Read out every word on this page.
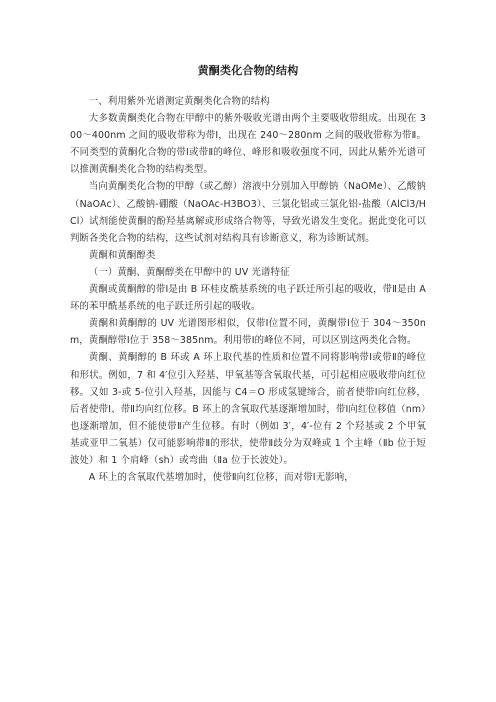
黄酮类化合物的结构

一、利用紫外光谱测定黄酮类化合物的结构

大多数黄酮类化合物在甲醇中的紫外吸收光谱由两个主要吸收带组成。出现在 300～400nm 之间的吸收带称为带Ⅰ，出现在 240～280nm 之间的吸收带称为带Ⅱ。不同类型的黄酮化合物的带Ⅰ或带Ⅱ的峰位、峰形和吸收强度不同，因此从紫外光谱可以推测黄酮类化合物的结构类型。

当向黄酮类化合物的甲醇（或乙醇）溶液中分别加入甲醇钠（NaOMe）、乙酸钠（NaOAc）、乙酸钠-硼酸（NaOAc-H3BO3）、三氯化铝或三氯化铝-盐酸（AlCl3/HCl）试剂能使黄酮的酚羟基离解或形成络合物等，导致光谱发生变化。据此变化可以判断各类化合物的结构，这些试剂对结构具有诊断意义，称为诊断试剂。

黄酮和黄酮醇类

（一）黄酮、黄酮醇类在甲醇中的 UV 光谱特征

黄酮或黄酮醇的带Ⅰ是由 B 环桂皮酰基系统的电子跃迁所引起的吸收，带Ⅱ是由 A 环的苯甲酰基系统的电子跃迁所引起的吸收。

黄酮和黄酮醇的 UV 光谱图形相似，仅带Ⅰ位置不同，黄酮带Ⅰ位于 304～350nm，黄酮醇带Ⅰ位于 358～385nm。利用带Ⅰ的峰位不同，可以区别这两类化合物。

黄酮、黄酮醇的 B 环或 A 环上取代基的性质和位置不同将影响带Ⅰ或带Ⅱ的峰位和形状。例如，7 和 4′位引入羟基、甲氧基等含氧取代基，可引起相应吸收带向红位移。又如 3-或 5-位引入羟基，因能与 C4＝O 形成氢键缔合，前者使带Ⅰ向红位移，后者使带Ⅰ、带Ⅱ均向红位移。B 环上的含氧取代基逐渐增加时，带Ⅰ向红位移值（nm）也逐渐增加，但不能使带Ⅱ产生位移。有时（例如 3′，4′-位有 2 个羟基或 2 个甲氧基或亚甲二氧基）仅可能影响带Ⅱ的形状，使带Ⅱ歧分为双峰或 1 个主峰（Ⅱb 位于短波处）和 1 个肩峰（sh）或弯曲（Ⅱa 位于长波处）。

A 环上的含氧取代基增加时，使带Ⅱ向红位移，而对带Ⅰ无影响，
